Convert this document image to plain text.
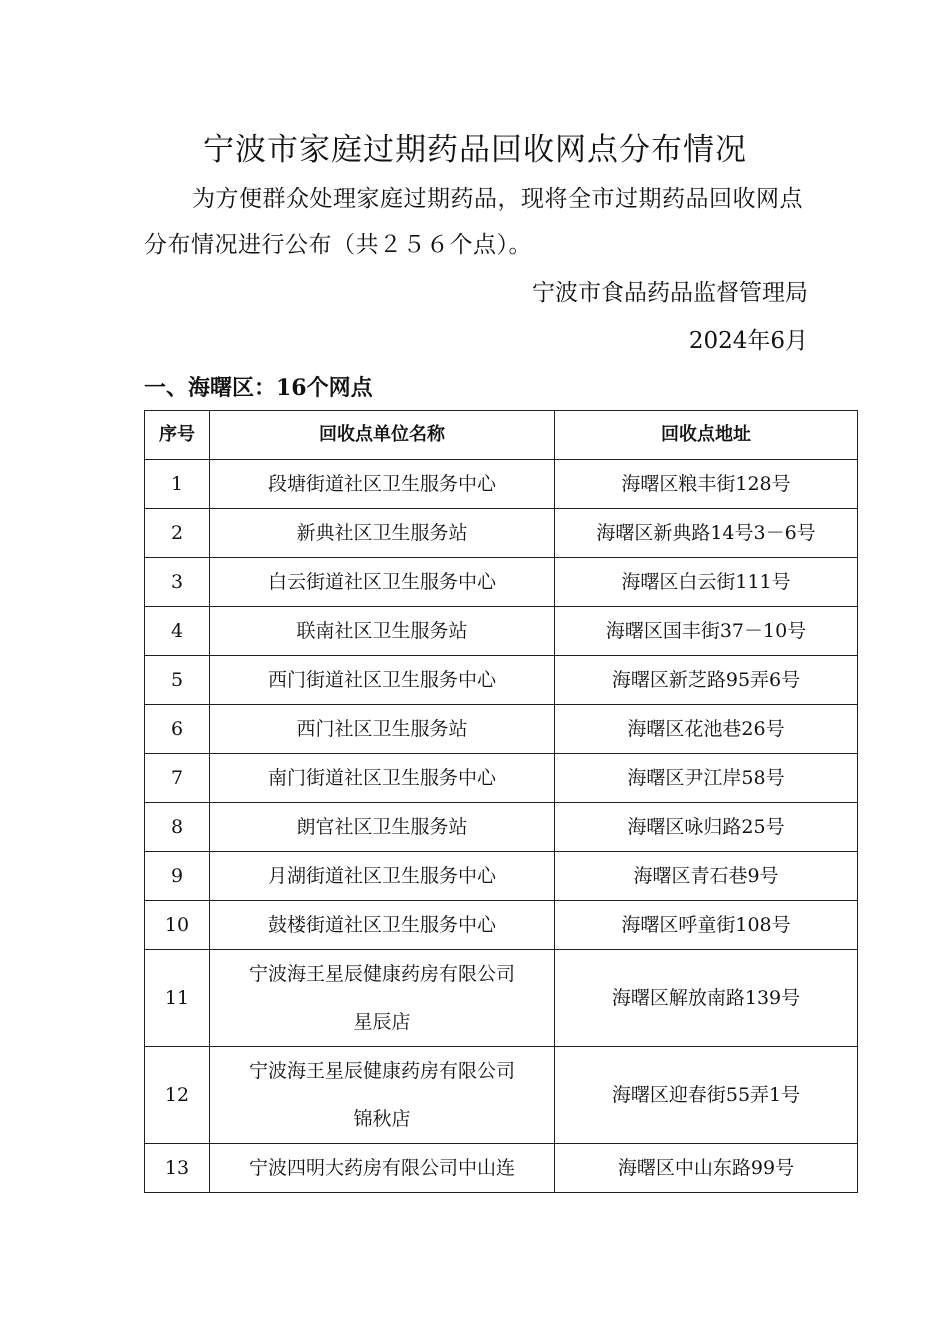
宁波市家庭过期药品回收网点分布情况
为方便群众处理家庭过期药品，现将全市过期药品回收网点分布情况进行公布（共２５６个点）。
宁波市食品药品监督管理局
2024年6月
一、海曙区：16个网点
序号	回收点单位名称	回收点地址
1	段塘街道社区卫生服务中心	海曙区粮丰街128号
2	新典社区卫生服务站	海曙区新典路14号3－6号
3	白云街道社区卫生服务中心	海曙区白云街111号
4	联南社区卫生服务站	海曙区国丰街37－10号
5	西门街道社区卫生服务中心	海曙区新芝路95弄6号
6	西门社区卫生服务站	海曙区花池巷26号
7	南门街道社区卫生服务中心	海曙区尹江岸58号
8	朗官社区卫生服务站	海曙区咏归路25号
9	月湖街道社区卫生服务中心	海曙区青石巷9号
10	鼓楼街道社区卫生服务中心	海曙区呼童街108号
11	宁波海王星辰健康药房有限公司
星辰店	海曙区解放南路139号
12	宁波海王星辰健康药房有限公司
锦秋店	海曙区迎春街55弄1号
13	宁波四明大药房有限公司中山连	海曙区中山东路99号
